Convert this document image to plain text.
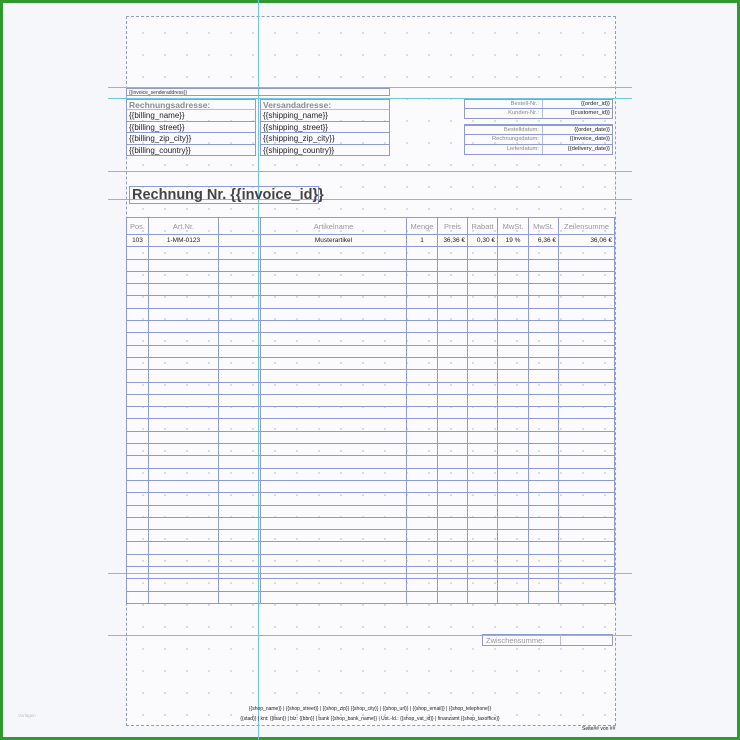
{{invoice_senderaddress}}
Rechnungsadresse:
{{billing_name}}
{{billing_street}}
{{billing_zip_city}}
{{billing_country}}
Versandadresse:
{{shipping_name}}
{{shipping_street}}
{{shipping_zip_city}}
{{shipping_country}}
Bestell-Nr.:	{{order_id}}
Kunden-Nr.:	{{customer_id}}
Bestelldatum:	{{order_date}}
Rechnungsdatum:	{{invoice_date}}
Lieferdatum:	{{delivery_date}}
Rechnung Nr. {{invoice_id}}
Pos.	Art.Nr.		Artikelname	Menge	Preis	Rabatt	MwSt.	MwSt.	Zeilensumme
103	1-MM-0123		Musterartikel	1	36,36 €	0,30 €	19 %	6,36 €	36,06 €

Zwischensumme:
{{shop_name}} | {{shop_street}} | {{shop_zip}} {{shop_city}} | {{shop_url}} | {{shop_email}} | {{shop_telephone}}
{{stad}} | knt: {{iban}} | blz: {{bbn}} | bank {{shop_bank_name}} | Ust.-Id.: {{shop_vat_id}} | finanzamt {{shop_taxoffice}}
Seite## von ##
Vorlagen
